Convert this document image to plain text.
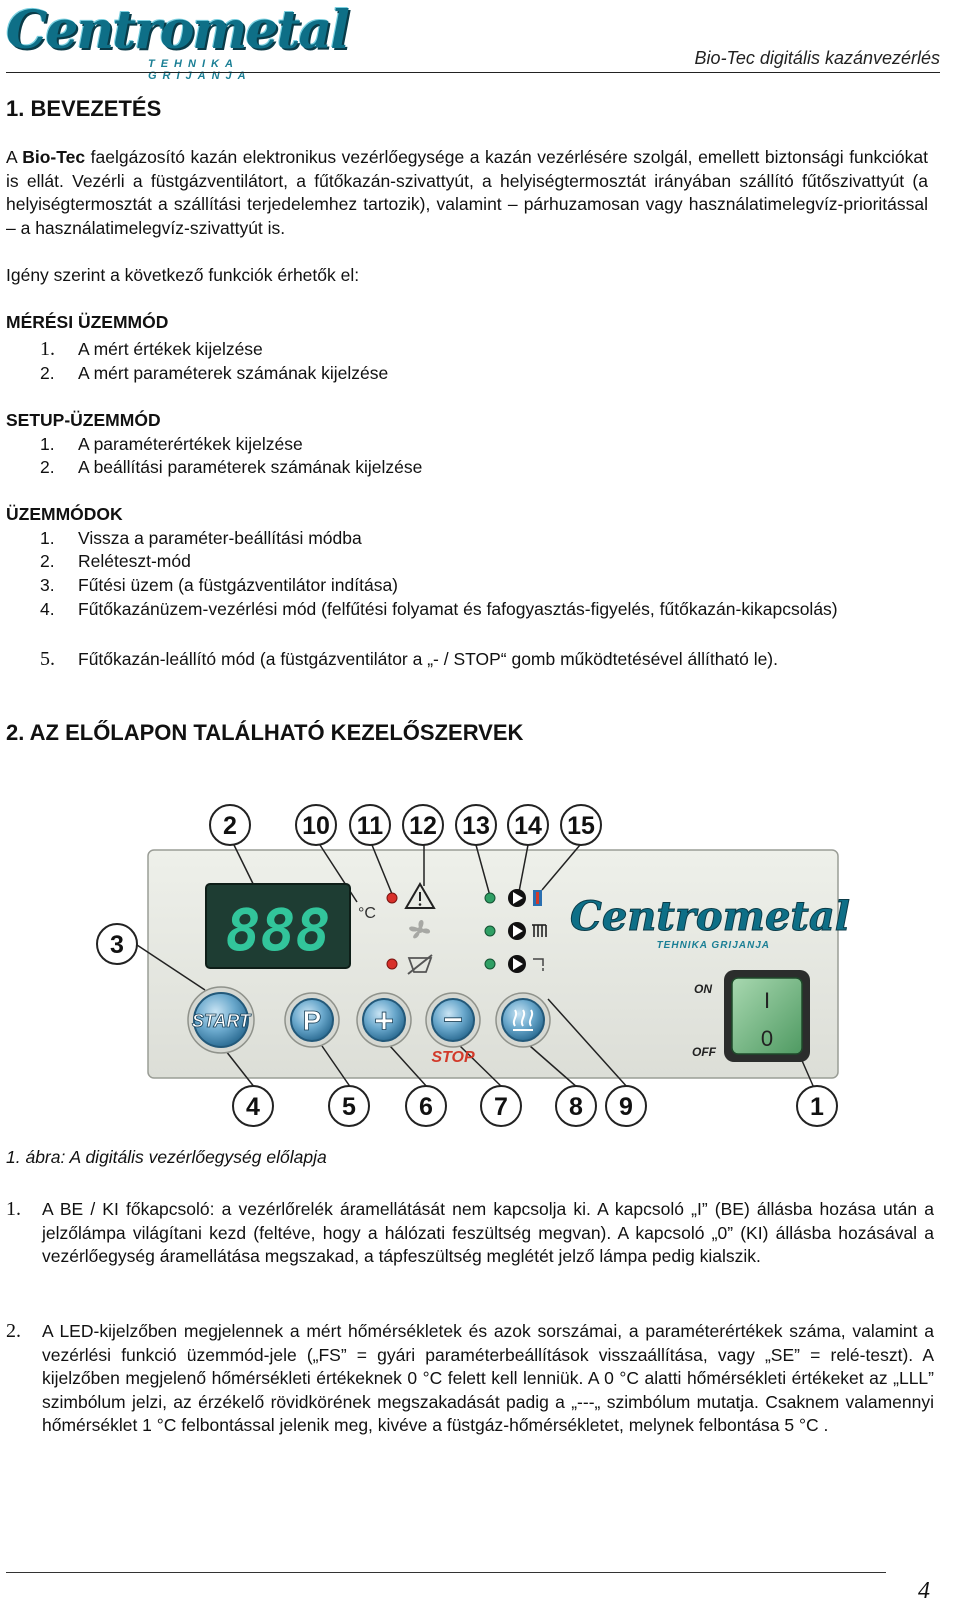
Centrometal
TEHNIKA GRIJANJA
Bio-Tec digitális kazánvezérlés
1. BEVEZETÉS

A Bio-Tec faelgázosító kazán elektronikus vezérlőegysége a kazán vezérlésére szolgál, emellett biztonsági funkciókat is ellát. Vezérli a füstgázventilátort, a fűtőkazán-szivattyút, a helyiségtermosztát irányában szállító fűtőszivattyút (a helyiségtermosztát a szállítási terjedelemhez tartozik), valamint – párhuzamosan vagy használatimelegvíz-prioritással – a használatimelegvíz-szivattyút is.

Igény szerint a következő funkciók érhetők el:

MÉRÉSI ÜZEMMÓD
1.	A mért értékek kijelzése
2.	A mért paraméterek számának kijelzése
SETUP-ÜZEMMÓD
1.	A paraméterértékek kijelzése
2.	A beállítási paraméterek számának kijelzése
ÜZEMMÓDOK
1.	Vissza a paraméter-beállítási módba
2.	Reléteszt-mód
3.	Fűtési üzem (a füstgázventilátor indítása)
4.	Fűtőkazánüzem-vezérlési mód (felfűtési folyamat és fafogyasztás-figyelés, fűtőkazán-kikapcsolás)
5.	Fűtőkazán-leállító mód (a füstgázventilátor a „- / STOP“ gomb működtetésével állítható le).
2. AZ ELŐLAPON TALÁLHATÓ KEZELŐSZERVEK
2	10 11 12 13 14 15
3
4	5	6 7 8 9	1
888 °C	Centrometal
TEHNIKA GRIJANJA
START P + −
STOP
ON
OFF
I
0
1. ábra: A digitális vezérlőegység előlapja
1. A BE / KI főkapcsoló: a vezérlőrelék áramellátását nem kapcsolja ki. A kapcsoló „I” (BE) állásba hozása után a jelzőlámpa világítani kezd (feltéve, hogy a hálózati feszültség megvan). A kapcsoló „0” (KI) állásba hozásával a vezérlőegység áramellátása megszakad, a tápfeszültség meglétét jelző lámpa pedig kialszik.
2. A LED-kijelzőben megjelennek a mért hőmérsékletek és azok sorszámai, a paraméterértékek száma, valamint a vezérlési funkció üzemmód-jele („FS” = gyári paraméterbeállítások visszaállítása, vagy „SE” = relé-teszt). A kijelzőben megjelenő hőmérsékleti értékeknek 0 °C felett kell lenniük. A 0 °C alatti hőmérsékleti értékeket az „LLL” szimbólum jelzi, az érzékelő rövidkörének megszakadását padig a „---„ szimbólum mutatja. Csaknem valamennyi hőmérséklet 1 °C felbontással jelenik meg, kivéve a füstgáz-hőmérsékletet, melynek felbontása 5 °C .
4
